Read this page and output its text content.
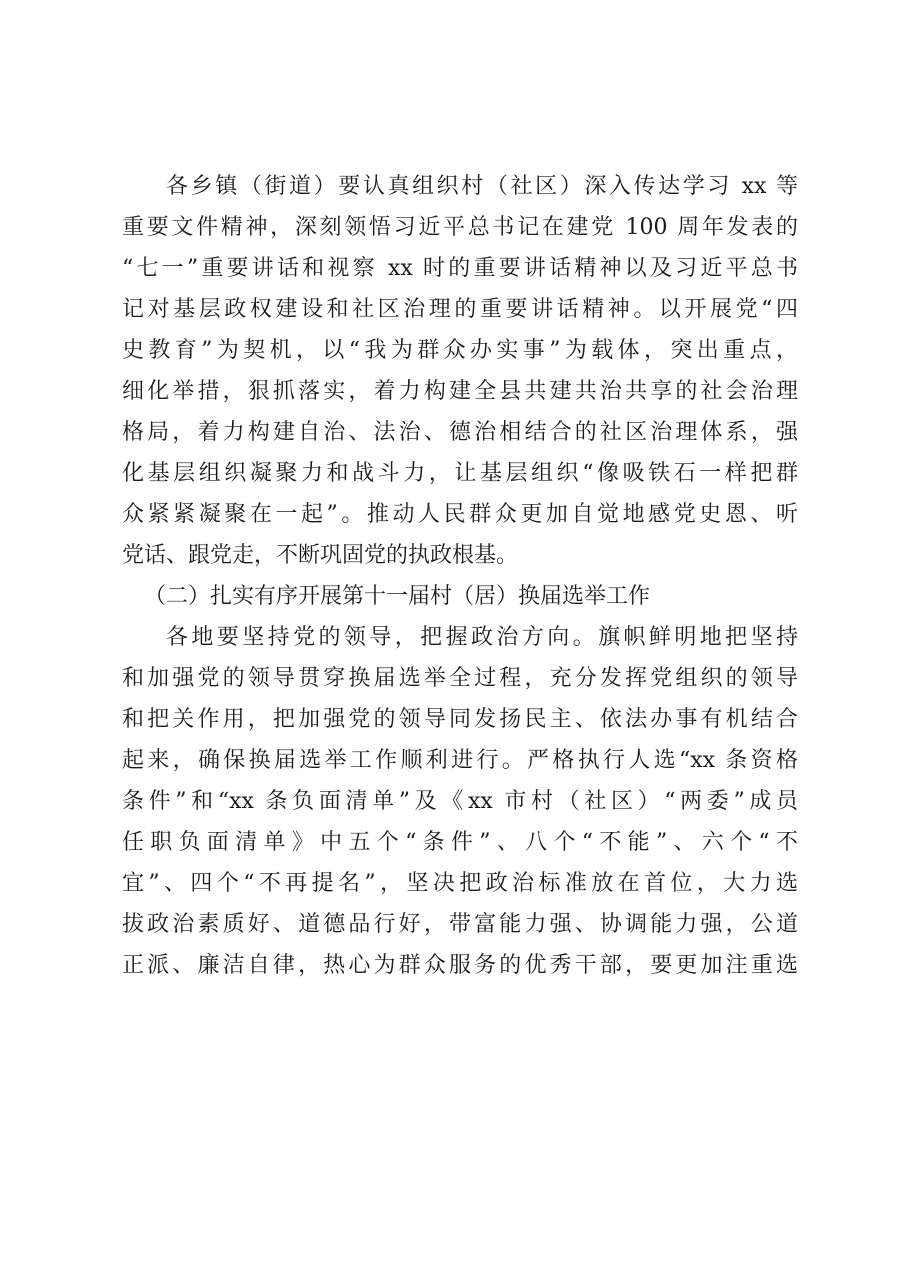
各乡镇（街道）要认真组织村（社区）深入传达学习 xx 等
重要文件精神，深刻领悟习近平总书记在建党 100 周年发表的
“七一”重要讲话和视察 xx 时的重要讲话精神以及习近平总书
记对基层政权建设和社区治理的重要讲话精神。以开展党“四
史教育”为契机，以“我为群众办实事”为载体，突出重点，
细化举措，狠抓落实，着力构建全县共建共治共享的社会治理
格局，着力构建自治、法治、德治相结合的社区治理体系，强
化基层组织凝聚力和战斗力，让基层组织“像吸铁石一样把群
众紧紧凝聚在一起”。推动人民群众更加自觉地感党史恩、听
党话、跟党走，不断巩固党的执政根基。
（二）扎实有序开展第十一届村（居）换届选举工作
各地要坚持党的领导，把握政治方向。旗帜鲜明地把坚持
和加强党的领导贯穿换届选举全过程，充分发挥党组织的领导
和把关作用，把加强党的领导同发扬民主、依法办事有机结合
起来，确保换届选举工作顺利进行。严格执行人选“xx 条资格
条件”和“xx 条负面清单”及《xx 市村（社区）“两委”成员
任职负面清单》中五个“条件”、八个“不能”、六个“不
宜”、四个“不再提名”，坚决把政治标准放在首位，大力选
拔政治素质好、道德品行好，带富能力强、协调能力强，公道
正派、廉洁自律，热心为群众服务的优秀干部，要更加注重选
